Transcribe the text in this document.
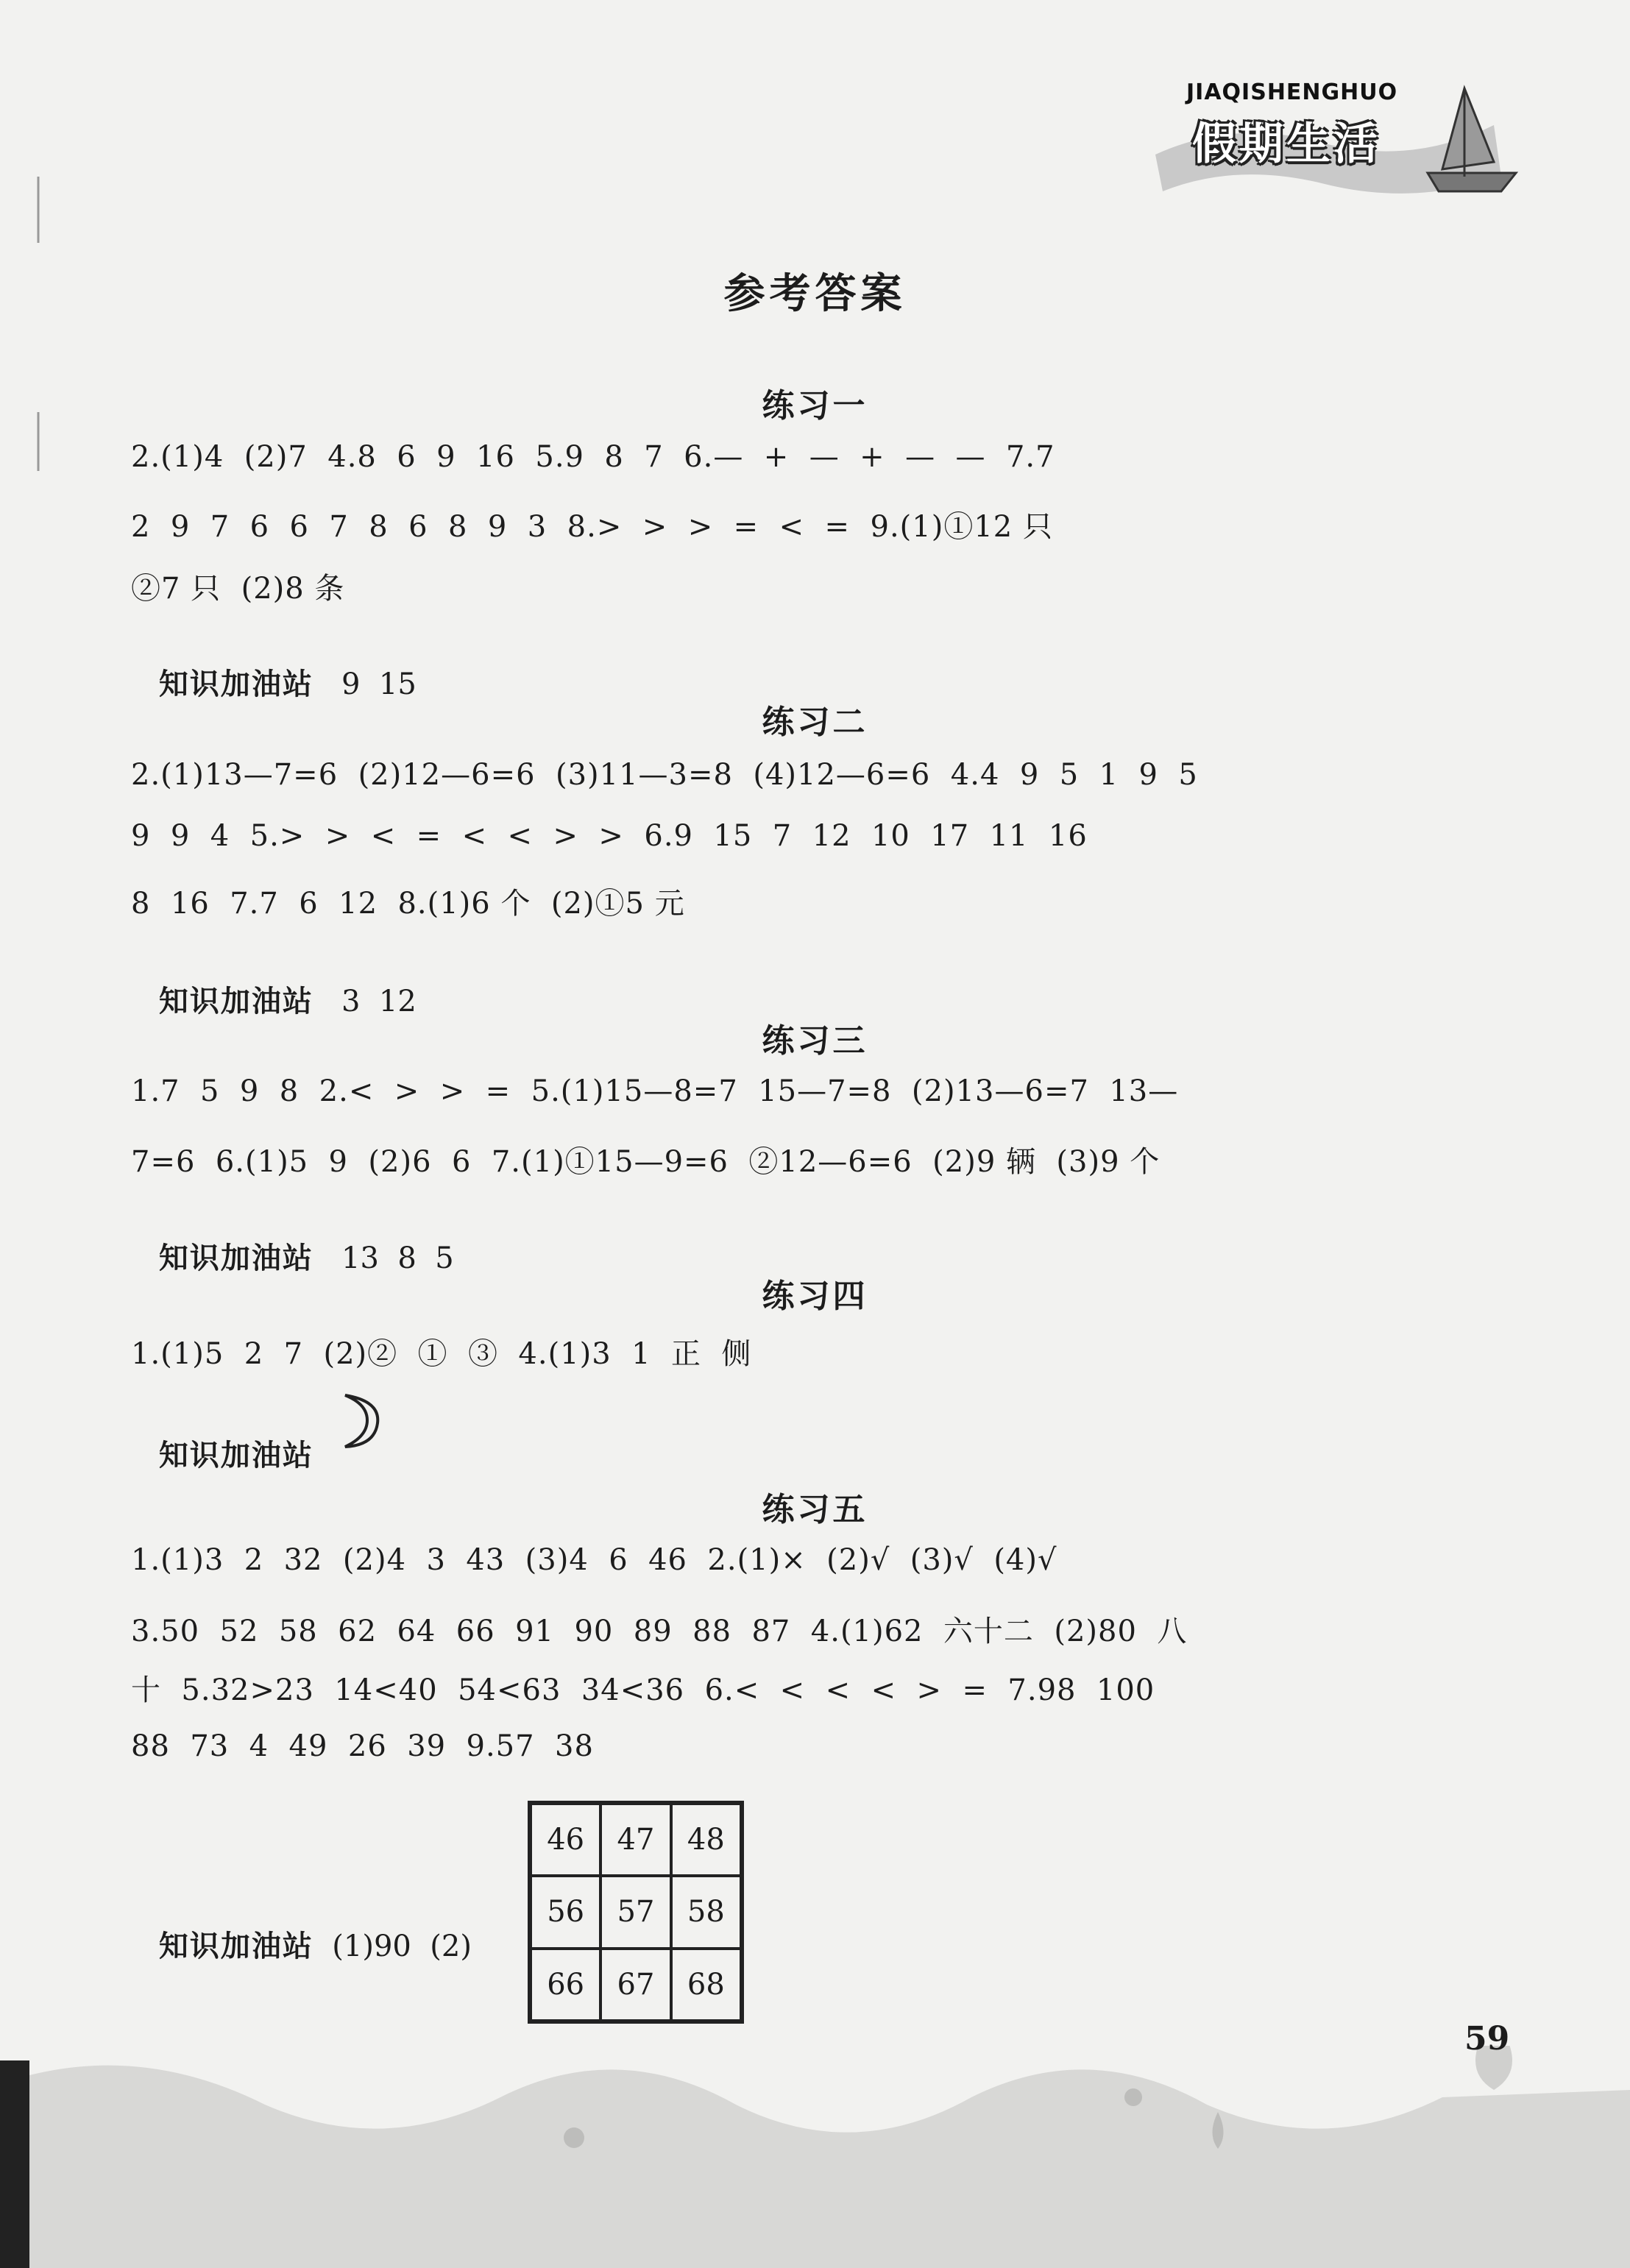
JIAQISHENGHUO
假期生活
参考答案
练习一
2.(1)4  (2)7  4.8  6  9  16  5.9  8  7  6.—  +  —  +  —  —  7.7
2  9  7  6  6  7  8  6  8  9  3  8.>  >  >  =  <  =  9.(1)①12 只
②7 只  (2)8 条

知识加油站 9  15

练习二
2.(1)13—7=6  (2)12—6=6  (3)11—3=8  (4)12—6=6  4.4  9  5  1  9  5
9  9  4  5.>  >  <  =  <  <  >  >  6.9  15  7  12  10  17  11  16
8  16  7.7  6  12  8.(1)6 个  (2)①5 元

知识加油站 3  12

练习三
1.7  5  9  8  2.<  >  >  =  5.(1)15—8=7  15—7=8  (2)13—6=7  13—
7=6  6.(1)5  9  (2)6  6  7.(1)①15—9=6  ②12—6=6  (2)9 辆  (3)9 个

知识加油站 13  8  5

练习四
1.(1)5  2  7  (2)②  ①  ③  4.(1)3  1  正  侧

知识加油站

练习五
1.(1)3  2  32  (2)4  3  43  (3)4  6  46  2.(1)×  (2)√  (3)√  (4)√
3.50  52  58  62  64  66  91  90  89  88  87  4.(1)62  六十二  (2)80  八
十  5.32>23  14<40  54<63  34<36  6.<  <  <  <  >  =  7.98  100
88  73  4  49  26  39  9.57  38

知识加油站 (1)90  (2)

46	47	48
56	57	58
66	67	68
59
